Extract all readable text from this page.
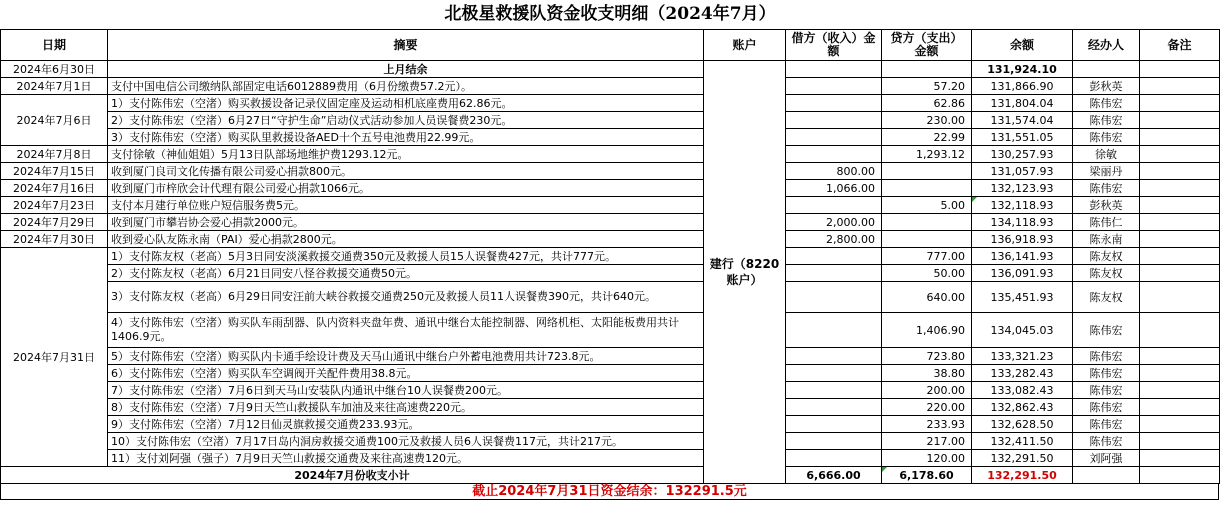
北极星救援队资金收支明细（2024年7月）
日期	摘要	账户	借方（收入）金额	贷方（支出）金额	余额	经办人	备注
2024年6月30日	上月结余	建行（8220账户）			131,924.10		
2024年7月1日	支付中国电信公司缴纳队部固定电话6012889费用（6月份缴费57.2元）。			57.20	131,866.90	彭秋英	
2024年7月6日	1）支付陈伟宏（空渚）购买救援设备记录仪固定座及运动相机底座费用62.86元。			62.86	131,804.04	陈伟宏	
	2）支付陈伟宏（空渚）6月27日“守护生命”启动仪式活动参加人员误餐费230元。			230.00	131,574.04	陈伟宏	
	3）支付陈伟宏（空渚）购买队里救援设备AED十个五号电池费用22.99元。			22.99	131,551.05	陈伟宏	
2024年7月8日	支付徐敏（神仙姐姐）5月13日队部场地维护费1293.12元。			1,293.12	130,257.93	徐敏	
2024年7月15日	收到厦门良司文化传播有限公司爱心捐款800元。		800.00		131,057.93	梁丽丹	
2024年7月16日	收到厦门市梓欣会计代理有限公司爱心捐款1066元。		1,066.00		132,123.93	陈伟宏	
2024年7月23日	支付本月建行单位账户短信服务费5元。			5.00	132,118.93	彭秋英	
2024年7月29日	收到厦门市攀岩协会爱心捐款2000元。		2,000.00		134,118.93	陈伟仁	
2024年7月30日	收到爱心队友陈永南（PAI）爱心捐款2800元。		2,800.00		136,918.93	陈永南	
2024年7月31日	1）支付陈友权（老高）5月3日同安淡溪救援交通费350元及救援人员15人误餐费427元，共计777元。			777.00	136,141.93	陈友权	
	2）支付陈友权（老高）6月21日同安八怪谷救援交通费50元。			50.00	136,091.93	陈友权	
	3）支付陈友权（老高）6月29日同安汪前大峡谷救援交通费250元及救援人员11人误餐费390元，共计640元。			640.00	135,451.93	陈友权	
	4）支付陈伟宏（空渚）购买队车雨刮器、队内资料夹盘年费、通讯中继台太能控制器、网络机柜、太阳能板费用共计1406.9元。			1,406.90	134,045.03	陈伟宏	
	5）支付陈伟宏（空渚）购买队内卡通手绘设计费及天马山通讯中继台户外蓄电池费用共计723.8元。			723.80	133,321.23	陈伟宏	
	6）支付陈伟宏（空渚）购买队车空调阀开关配件费用38.8元。			38.80	133,282.43	陈伟宏	
	7）支付陈伟宏（空渚）7月6日到天马山安装队内通讯中继台10人误餐费200元。			200.00	133,082.43	陈伟宏	
	8）支付陈伟宏（空渚）7月9日天竺山救援队车加油及来往高速费220元。			220.00	132,862.43	陈伟宏	
	9）支付陈伟宏（空渚）7月12日仙灵旗救援交通费233.93元。			233.93	132,628.50	陈伟宏	
	10）支付陈伟宏（空渚）7月17日岛内洞房救援交通费100元及救援人员6人误餐费117元，共计217元。			217.00	132,411.50	陈伟宏	
	11）支付刘阿强（强子）7月9日天竺山救援交通费及来往高速费120元。			120.00	132,291.50	刘阿强	
2024年7月份收支小计			6,666.00	6,178.60	132,291.50		
截止2024年7月31日资金结余：132291.5元
